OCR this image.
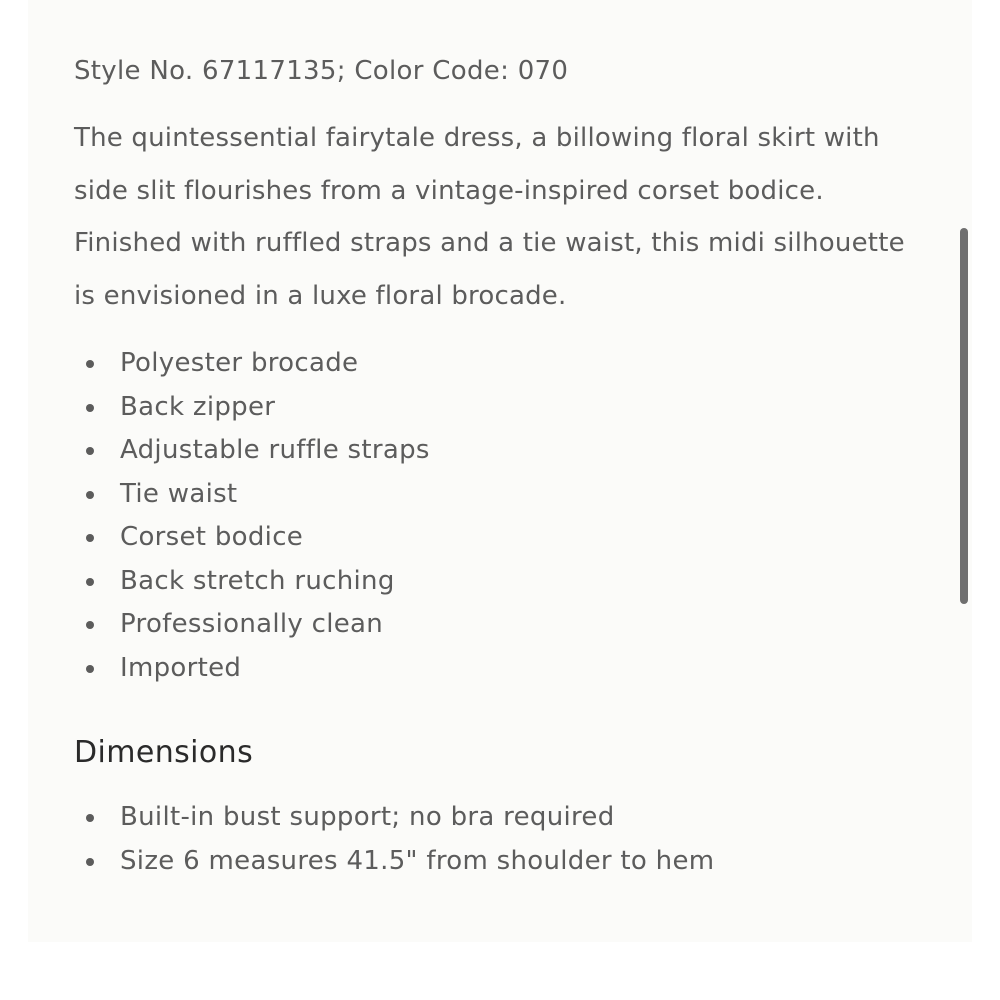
Style No. 67117135; Color Code: 070

The quintessential fairytale dress, a billowing floral skirt with side slit flourishes from a vintage-inspired corset bodice. Finished with ruffled straps and a tie waist, this midi silhouette is envisioned in a luxe floral brocade.

Polyester brocade
Back zipper
Adjustable ruffle straps
Tie waist
Corset bodice
Back stretch ruching
Professionally clean
Imported
Dimensions
Built-in bust support; no bra required
Size 6 measures 41.5" from shoulder to hem
